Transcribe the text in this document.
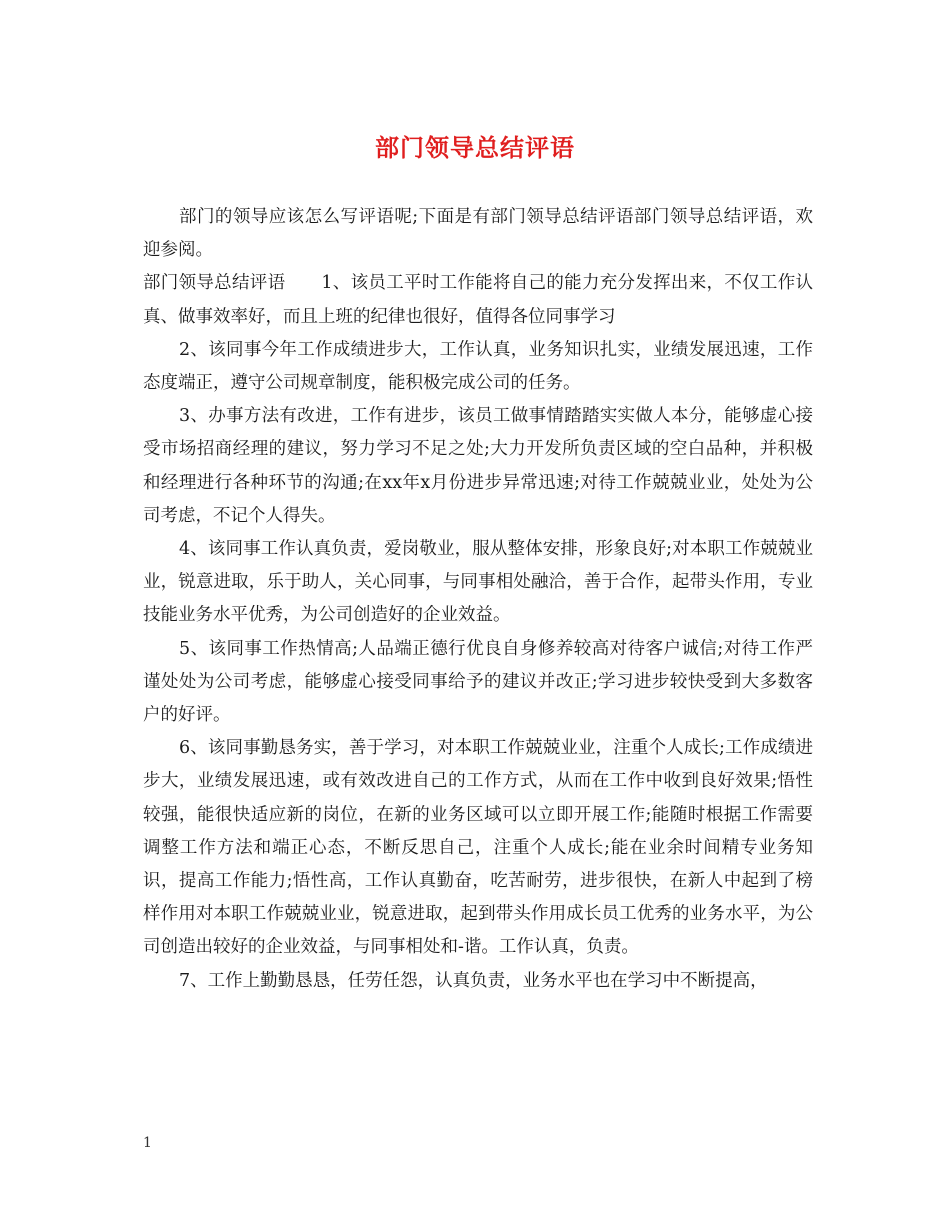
部门领导总结评语

部门的领导应该怎么写评语呢;下面是有部门领导总结评语部门领导总结评语，欢迎参阅。

部门领导总结评语 1、该员工平时工作能将自己的能力充分发挥出来，不仅工作认真、做事效率好，而且上班的纪律也很好，值得各位同事学习

2、该同事今年工作成绩进步大，工作认真，业务知识扎实，业绩发展迅速，工作态度端正，遵守公司规章制度，能积极完成公司的任务。

3、办事方法有改进，工作有进步，该员工做事情踏踏实实做人本分，能够虚心接受市场招商经理的建议，努力学习不足之处;大力开发所负责区域的空白品种，并积极和经理进行各种环节的沟通;在xx年x月份进步异常迅速;对待工作兢兢业业，处处为公司考虑，不记个人得失。

4、该同事工作认真负责，爱岗敬业，服从整体安排，形象良好;对本职工作兢兢业业，锐意进取，乐于助人，关心同事，与同事相处融洽，善于合作，起带头作用，专业技能业务水平优秀，为公司创造好的企业效益。

5、该同事工作热情高;人品端正德行优良自身修养较高对待客户诚信;对待工作严谨处处为公司考虑，能够虚心接受同事给予的建议并改正;学习进步较快受到大多数客户的好评。

6、该同事勤恳务实，善于学习，对本职工作兢兢业业，注重个人成长;工作成绩进步大，业绩发展迅速，或有效改进自己的工作方式，从而在工作中收到良好效果;悟性较强，能很快适应新的岗位，在新的业务区域可以立即开展工作;能随时根据工作需要调整工作方法和端正心态，不断反思自己，注重个人成长;能在业余时间精专业务知识，提高工作能力;悟性高，工作认真勤奋，吃苦耐劳，进步很快，在新人中起到了榜样作用对本职工作兢兢业业，锐意进取，起到带头作用成长员工优秀的业务水平，为公司创造出较好的企业效益，与同事相处和-谐。工作认真，负责。

7、工作上勤勤恳恳，任劳任怨，认真负责，业务水平也在学习中不断提高，

1
